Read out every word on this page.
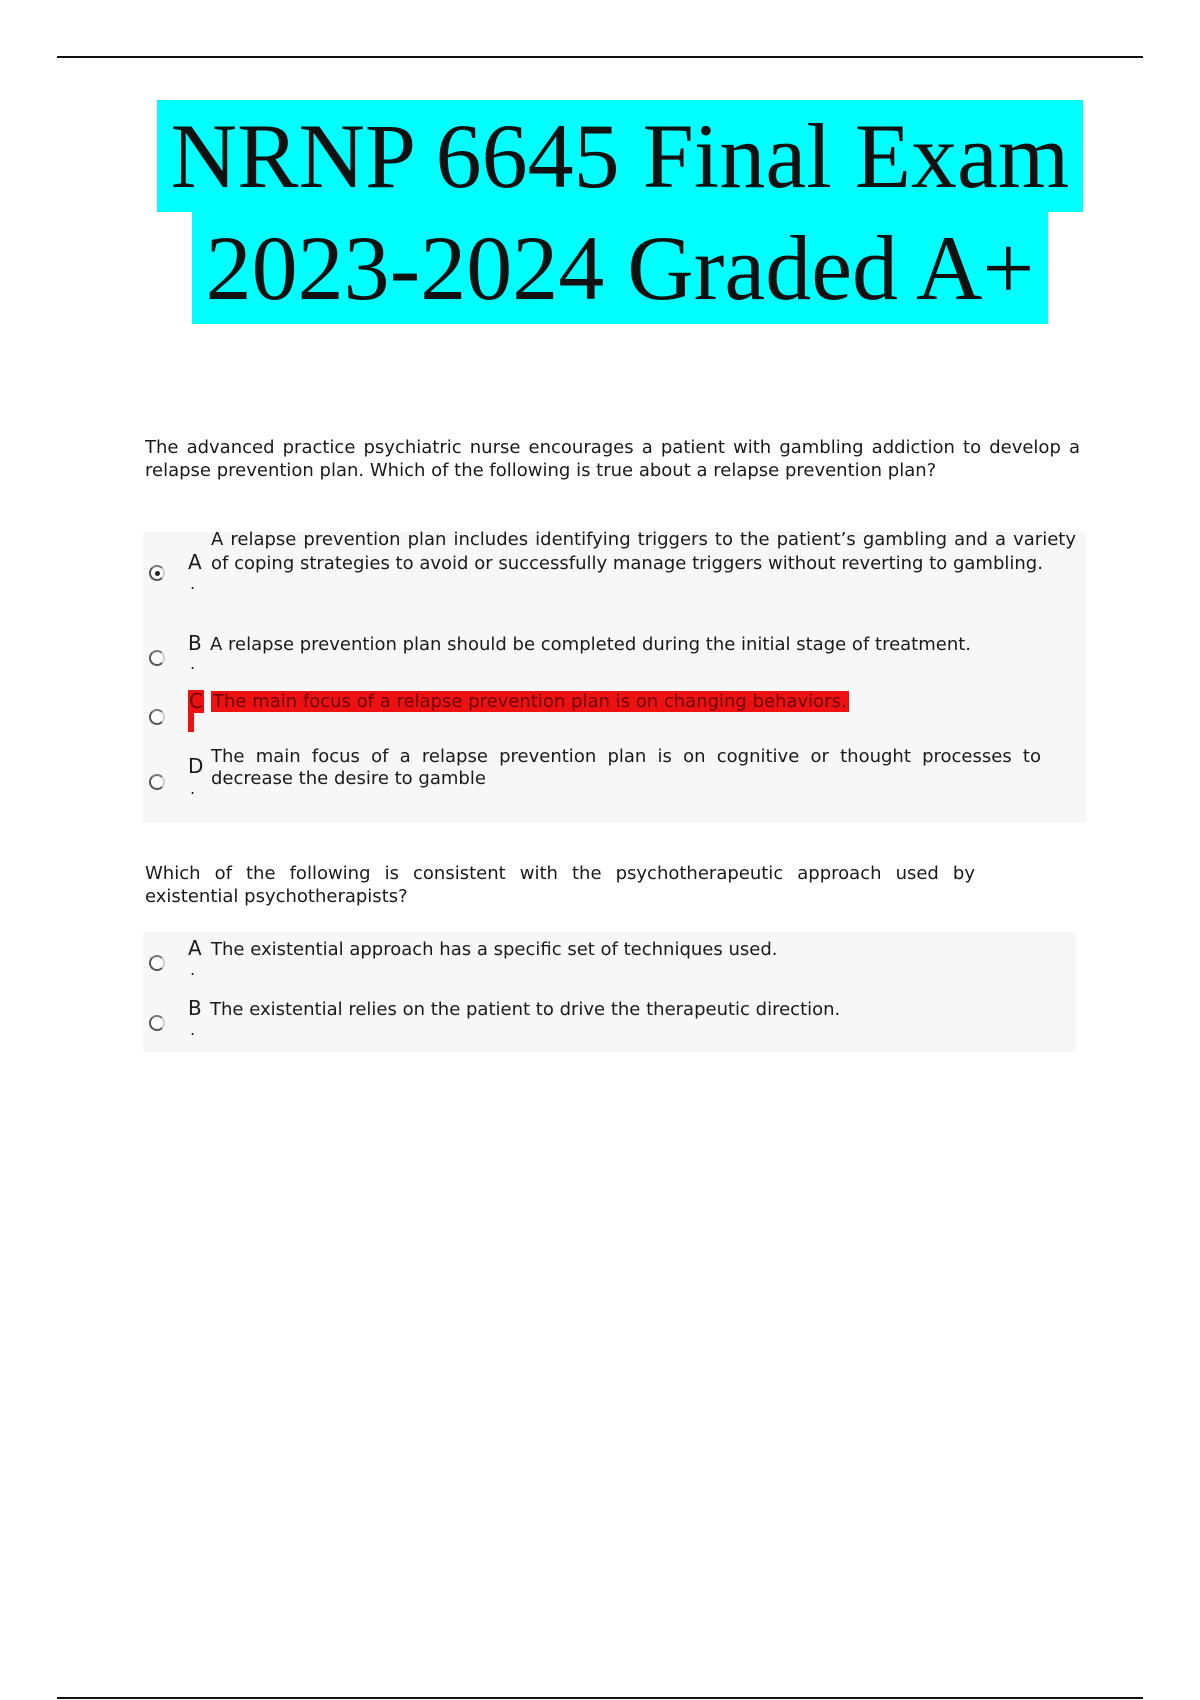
NRNP 6645 Final Exam
2023-2024 Graded A+
The advanced practice psychiatric nurse encourages a patient with gambling addiction to develop a relapse prevention plan. Which of the following is true about a relapse prevention plan?
A
.
A relapse prevention plan includes identifying triggers to the patient’s gambling and a variety of coping strategies to avoid or successfully manage triggers without reverting to gambling.
B
.
A relapse prevention plan should be completed during the initial stage of treatment.
C The main focus of a relapse prevention plan is on changing behaviors.
D
.
The main focus of a relapse prevention plan is on cognitive or thought processes to decrease the desire to gamble
Which of the following is consistent with the psychotherapeutic approach used by existential psychotherapists?
A
.
The existential approach has a specific set of techniques used.
B
.
The existential relies on the patient to drive the therapeutic direction.
